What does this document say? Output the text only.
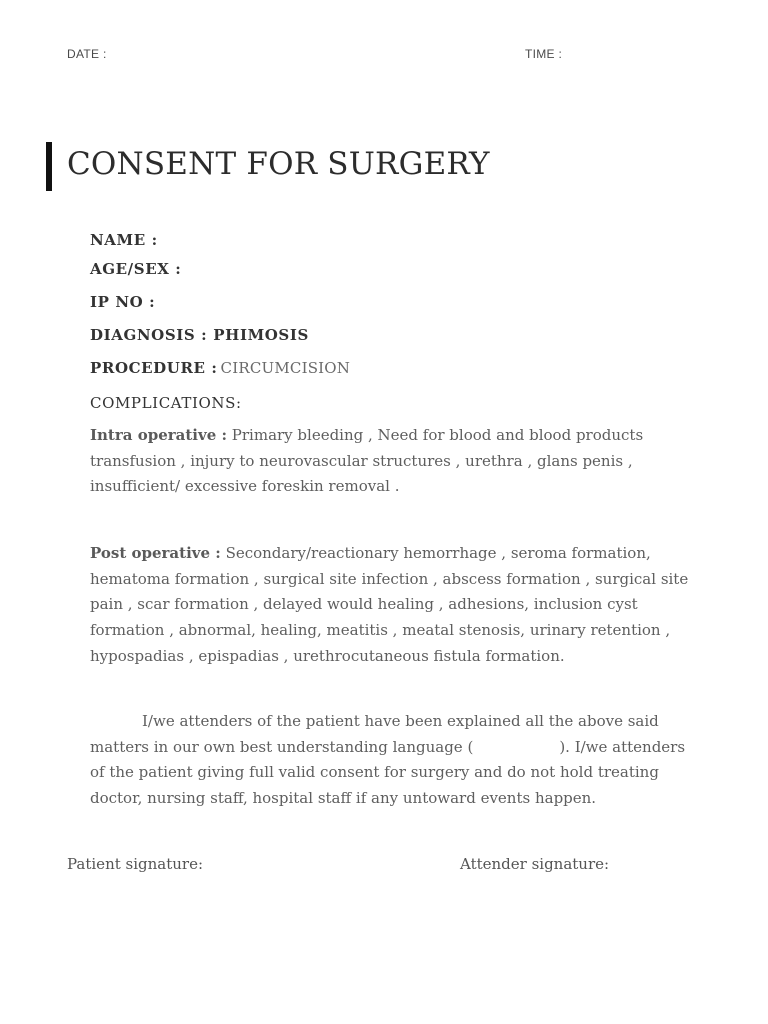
DATE :	TIME :
CONSENT FOR SURGERY
NAME :
AGE/SEX :
IP NO :
DIAGNOSIS : PHIMOSIS
PROCEDURE : CIRCUMCISION
COMPLICATIONS:
Intra operative : Primary bleeding , Need for blood and blood products transfusion , injury to neurovascular structures , urethra , glans penis , insufficient/ excessive foreskin removal .
Post operative : Secondary/reactionary hemorrhage , seroma formation, hematoma formation , surgical site infection , abscess formation , surgical site pain , scar formation , delayed would healing , adhesions, inclusion cyst formation , abnormal, healing, meatitis , meatal stenosis, urinary retention , hypospadias , epispadias , urethrocutaneous fistula formation.
I/we attenders of the patient have been explained all the above said matters in our own best understanding language (	). I/we attenders of the patient giving full valid consent for surgery and do not hold treating doctor, nursing staff, hospital staff if any untoward events happen.
Patient signature:	Attender signature:
